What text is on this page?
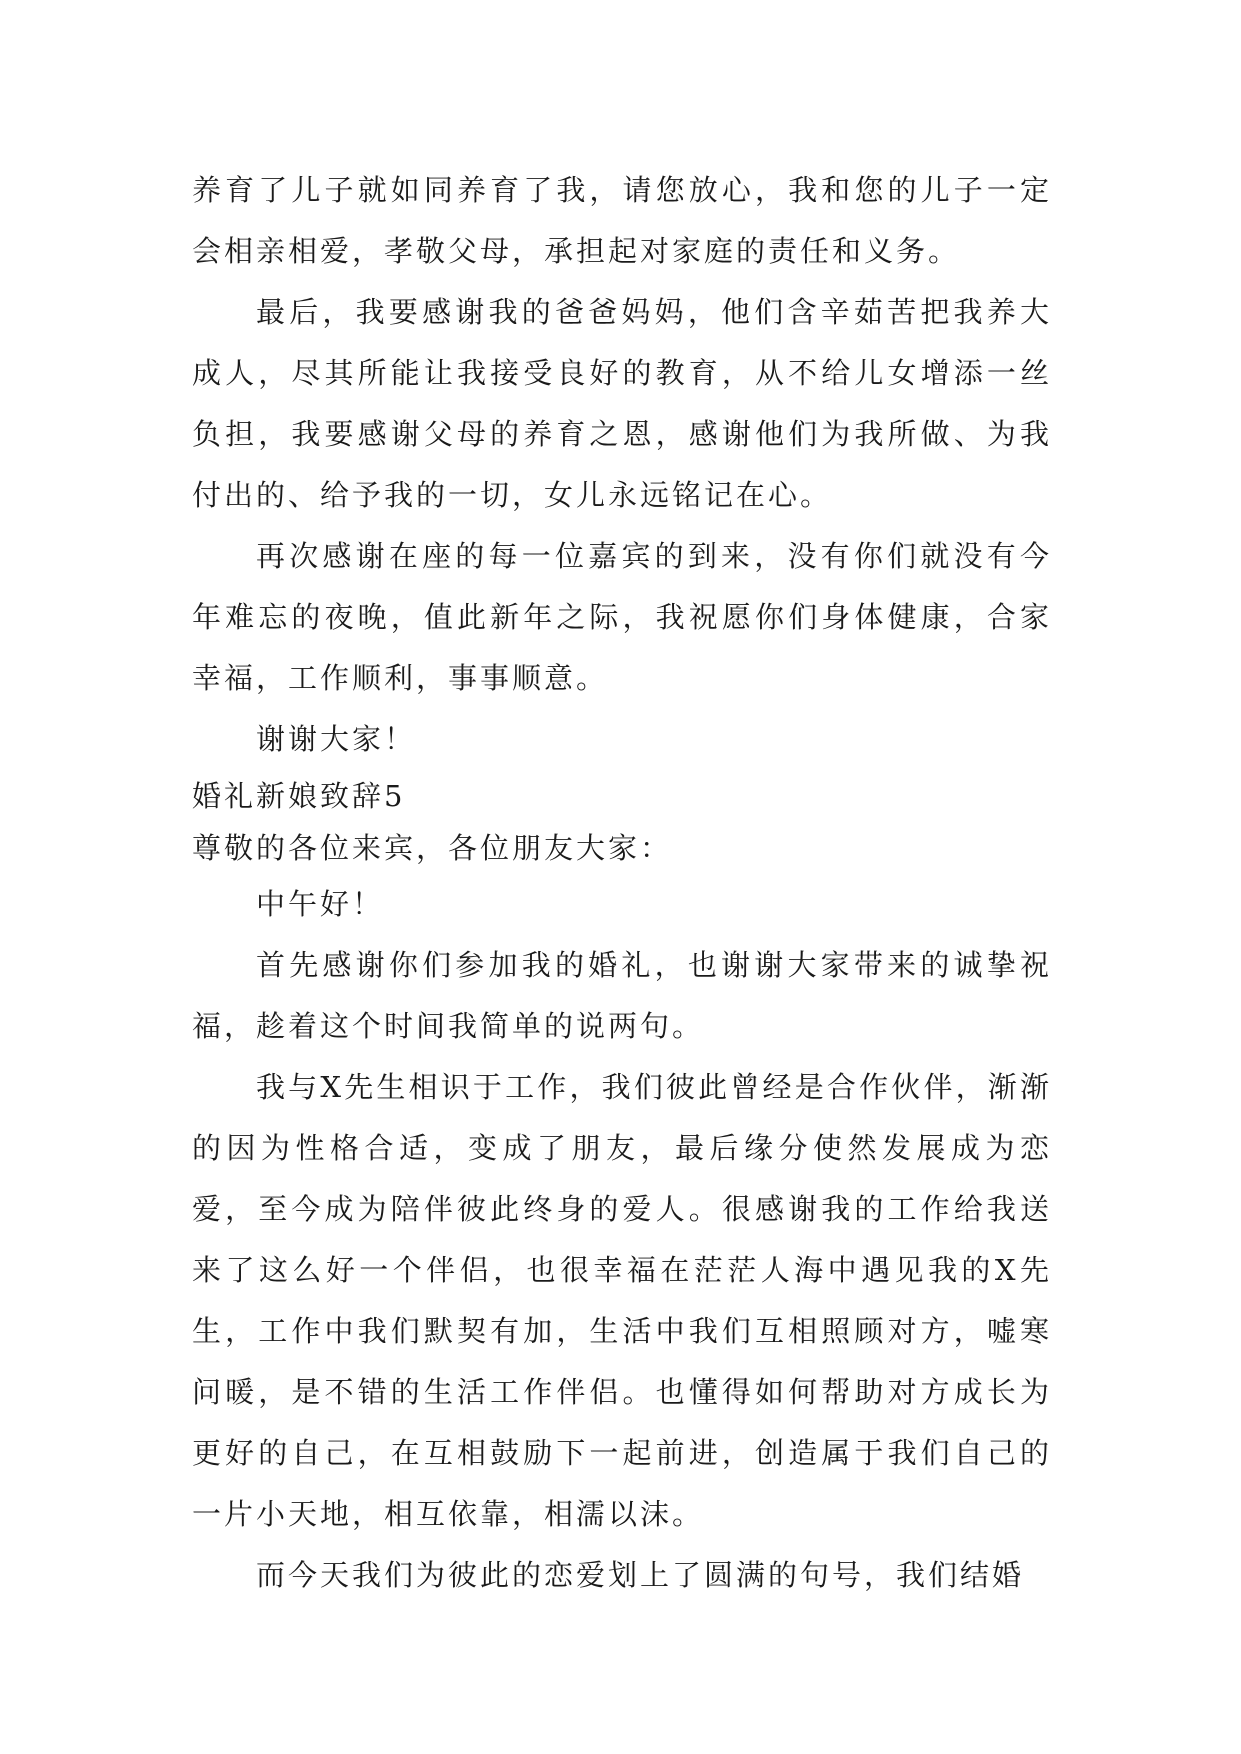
养育了儿子就如同养育了我，请您放心，我和您的儿子一定会相亲相爱，孝敬父母，承担起对家庭的责任和义务。

最后，我要感谢我的爸爸妈妈，他们含辛茹苦把我养大成人，尽其所能让我接受良好的教育，从不给儿女增添一丝负担，我要感谢父母的养育之恩，感谢他们为我所做、为我付出的、给予我的一切，女儿永远铭记在心。

再次感谢在座的每一位嘉宾的到来，没有你们就没有今年难忘的夜晚，值此新年之际，我祝愿你们身体健康，合家幸福，工作顺利，事事顺意。

谢谢大家！

婚礼新娘致辞5

尊敬的各位来宾，各位朋友大家：

中午好！

首先感谢你们参加我的婚礼，也谢谢大家带来的诚挚祝福，趁着这个时间我简单的说两句。

我与X先生相识于工作，我们彼此曾经是合作伙伴，渐渐的因为性格合适，变成了朋友，最后缘分使然发展成为恋爱，至今成为陪伴彼此终身的爱人。很感谢我的工作给我送来了这么好一个伴侣，也很幸福在茫茫人海中遇见我的X先生，工作中我们默契有加，生活中我们互相照顾对方，嘘寒问暖，是不错的生活工作伴侣。也懂得如何帮助对方成长为更好的自己，在互相鼓励下一起前进，创造属于我们自己的一片小天地，相互依靠，相濡以沫。

而今天我们为彼此的恋爱划上了圆满的句号，我们结婚
